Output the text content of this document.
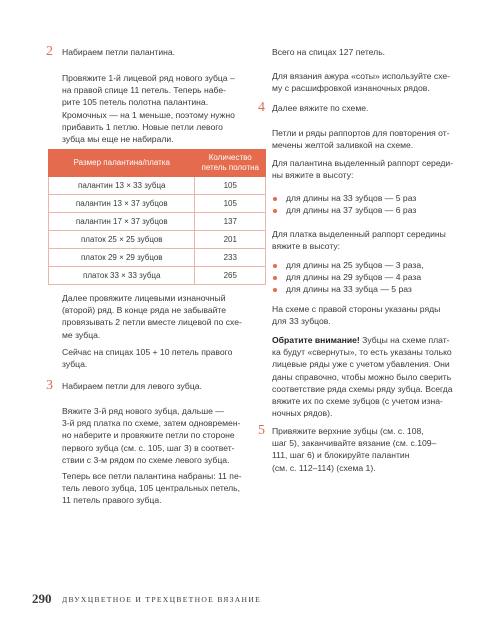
2 Набираем петли палантина.

Провяжите 1-й лицевой ряд нового зубца –

на правой спице 11 петель. Теперь набе-

рите 105 петель полотна палантина.

Кромочных — на 1 меньше, поэтому нужно

прибавить 1 петлю. Новые петли левого

зубца мы еще не набирали.

Размер палантина/платка	Количество петель полотна
палантин 13 × 33 зубца	105
палантин 13 × 37 зубцов	105
палантин 17 × 37 зубцов	137
платок 25 × 25 зубцов	201
платок 29 × 29 зубцов	233
платок 33 × 33 зубца	265

Далее провяжите лицевыми изнаночный

(второй) ряд. В конце ряда не забывайте

провязывать 2 петли вместе лицевой по схе-

ме зубца.

Сейчас на спицах 105 + 10 петель правого

зубца.

3 Набираем петли для левого зубца.

Вяжите 3-й ряд нового зубца, дальше —

3-й ряд платка по схеме, затем одновремен-

но наберите и провяжите петли по стороне

первого зубца (см. с. 105, шаг 3) в соответ-

ствии с 3-м рядом по схеме левого зубца.

Теперь все петли палантина набраны: 11 пе-

тель левого зубца, 105 центральных петель,

11 петель правого зубца.

Всего на спицах 127 петель.

Для вязания ажура «соты» используйте схе-

му с расшифровкой изнаночных рядов.

4 Далее вяжите по схеме.

Петли и ряды раппортов для повторения от-

мечены желтой заливкой на схеме.

Для палантина выделенный раппорт середи-

ны вяжите в высоту:

для длины на 33 зубцов — 5 раз
для длины на 37 зубцов — 6 раз

Для платка выделенный раппорт середины

вяжите в высоту:

для длины на 25 зубцов — 3 раза,
для длины на 29 зубцов — 4 раза
для длины на 33 зубца — 5 раз

На схеме с правой стороны указаны ряды

для 33 зубцов.

Обратите внимание! Зубцы на схеме плат-

ка будут «свернуты», то есть указаны только

лицевые ряды уже с учетом убавления. Они

даны справочно, чтобы можно было сверить

соответствие ряда схемы ряду зубца. Всегда

вяжите их по схеме зубцов (с учетом изна-

ночных рядов).

5 Привяжите верхние зубцы (см. с. 108,

шаг 5), заканчивайте вязание (см. с.109–

111, шаг 6) и блокируйте палантин

(см. с. 112–114) (схема 1).

290 ДВУХЦВЕТНОЕ И ТРЕХЦВЕТНОЕ ВЯЗАНИЕ
